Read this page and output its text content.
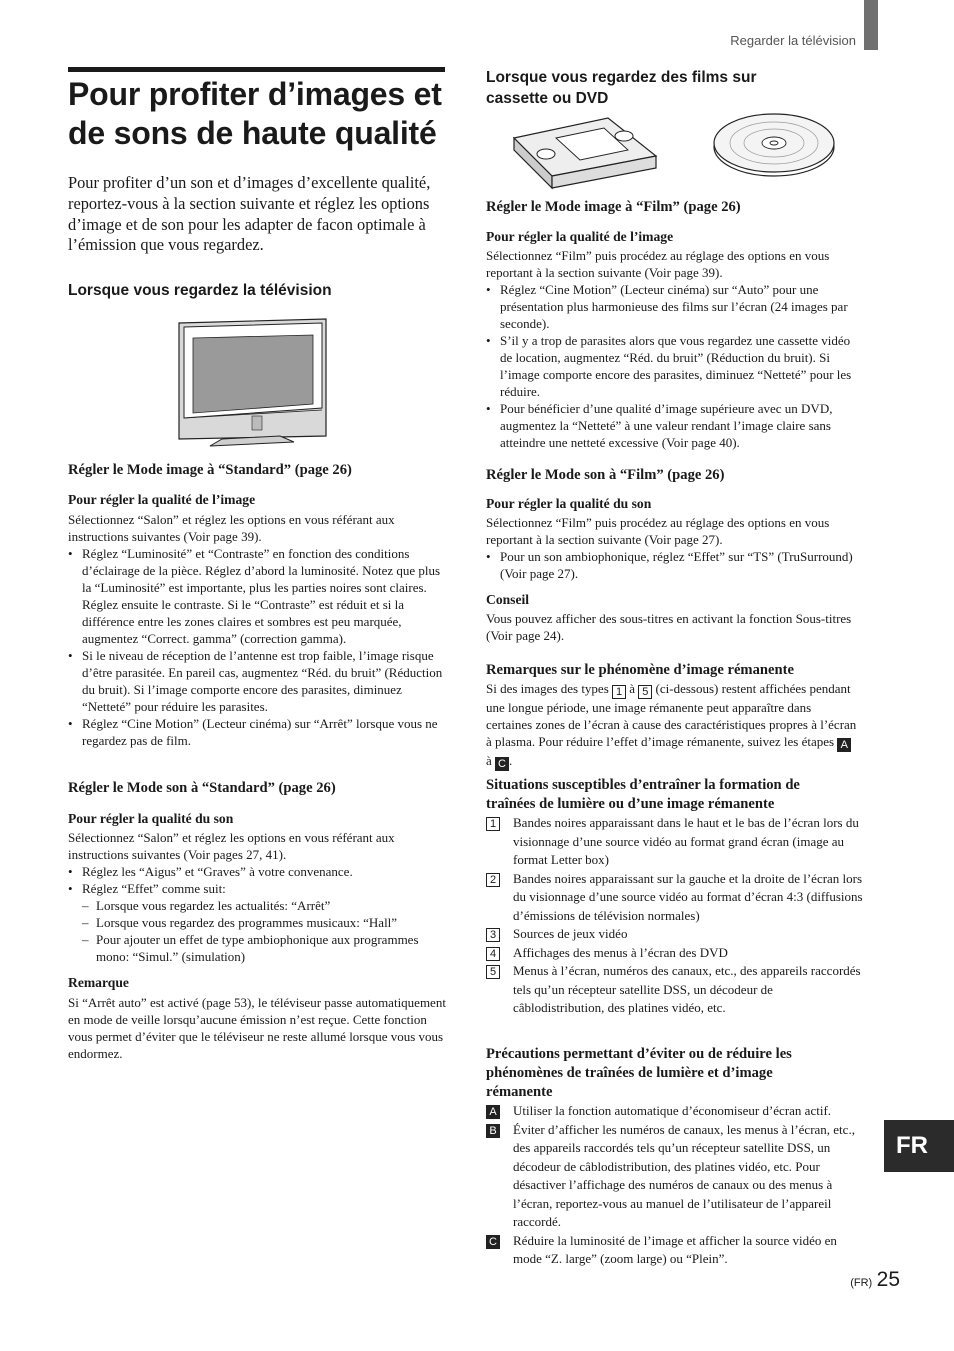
Regarder la télévision
Pour profiter d’images et de sons de haute qualité
Pour profiter d’un son et d’images d’excellente qualité, reportez-vous à la section suivante et réglez les options d’image et de son pour les adapter de facon optimale à l’émission que vous regardez.
Lorsque vous regardez la télévision
Régler le Mode image à “Standard” (page 26)
Pour régler la qualité de l’image
Sélectionnez “Salon” et réglez les options en vous référant aux instructions suivantes (Voir page 39).
• Réglez “Luminosité” et “Contraste” en fonction des conditions d’éclairage de la pièce. Réglez d’abord la luminosité. Notez que plus la “Luminosité” est importante, plus les parties noires sont claires. Réglez ensuite le contraste. Si le “Contraste” est réduit et si la différence entre les zones claires et sombres est peu marquée, augmentez “Correct. gamma” (correction gamma).
• Si le niveau de réception de l’antenne est trop faible, l’image risque d’être parasitée. En pareil cas, augmentez “Réd. du bruit” (Réduction du bruit). Si l’image comporte encore des parasites, diminuez “Netteté” pour réduire les parasites.
• Réglez “Cine Motion” (Lecteur cinéma) sur “Arrêt” lorsque vous ne regardez pas de film.
Régler le Mode son à “Standard” (page 26)
Pour régler la qualité du son
Sélectionnez “Salon” et réglez les options en vous référant aux instructions suivantes (Voir pages 27, 41).
• Réglez les “Aigus” et “Graves” à votre convenance.
• Réglez “Effet” comme suit:
– Lorsque vous regardez les actualités: “Arrêt”
– Lorsque vous regardez des programmes musicaux: “Hall”
– Pour ajouter un effet de type ambiophonique aux programmes mono: “Simul.” (simulation)
Remarque
Si “Arrêt auto” est activé (page 53), le téléviseur passe automatiquement en mode de veille lorsqu’aucune émission n’est reçue. Cette fonction vous permet d’éviter que le téléviseur ne reste allumé lorsque vous vous endormez.
Lorsque vous regardez des films sur cassette ou DVD
Régler le Mode image à “Film” (page 26)
Pour régler la qualité de l’image
Sélectionnez “Film” puis procédez au réglage des options en vous reportant à la section suivante (Voir page 39).
• Réglez “Cine Motion” (Lecteur cinéma) sur “Auto” pour une présentation plus harmonieuse des films sur l’écran (24 images par seconde).
• S’il y a trop de parasites alors que vous regardez une cassette vidéo de location, augmentez “Réd. du bruit” (Réduction du bruit). Si l’image comporte encore des parasites, diminuez “Netteté” pour les réduire.
• Pour bénéficier d’une qualité d’image supérieure avec un DVD, augmentez la “Netteté” à une valeur rendant l’image claire sans atteindre une netteté excessive (Voir page 40).
Régler le Mode son à “Film” (page 26)
Pour régler la qualité du son
Sélectionnez “Film” puis procédez au réglage des options en vous reportant à la section suivante (Voir page 27).
• Pour un son ambiophonique, réglez “Effet” sur “TS” (TruSurround) (Voir page 27).
Conseil
Vous pouvez afficher des sous-titres en activant la fonction Sous-titres (Voir page 24).
Remarques sur le phénomène d’image rémanente
Si des images des types 1 à 5 (ci-dessous) restent affichées pendant une longue période, une image rémanente peut apparaître dans certaines zones de l’écran à cause des caractéristiques propres à l’écran à plasma. Pour réduire l’effet d’image rémanente, suivez les étapes A à C .
Situations susceptibles d’entraîner la formation de traînées de lumière ou d’une image rémanente
1	Bandes noires apparaissant dans le haut et le bas de l’écran lors du visionnage d’une source vidéo au format grand écran (image au format Letter box)
2	Bandes noires apparaissant sur la gauche et la droite de l’écran lors du visionnage d’une source vidéo au format d’écran 4:3 (diffusions d’émissions de télévision normales)
3	Sources de jeux vidéo
4	Affichages des menus à l’écran des DVD
5	Menus à l’écran, numéros des canaux, etc., des appareils raccordés tels qu’un récepteur satellite DSS, un décodeur de câblodistribution, des platines vidéo, etc.
Précautions permettant d’éviter ou de réduire les phénomènes de traînées de lumière et d’image rémanente
A Utiliser la fonction automatique d’économiseur d’écran actif.
B Éviter d’afficher les numéros de canaux, les menus à l’écran, etc., des appareils raccordés tels qu’un récepteur satellite DSS, un décodeur de câblodistribution, des platines vidéo, etc. Pour désactiver l’affichage des numéros de canaux ou des menus à l’écran, reportez-vous au manuel de l’utilisateur de l’appareil raccordé.
C Réduire la luminosité de l’image et afficher la source vidéo en mode “Z. large” (zoom large) ou “Plein”.
FR
(FR) 25
